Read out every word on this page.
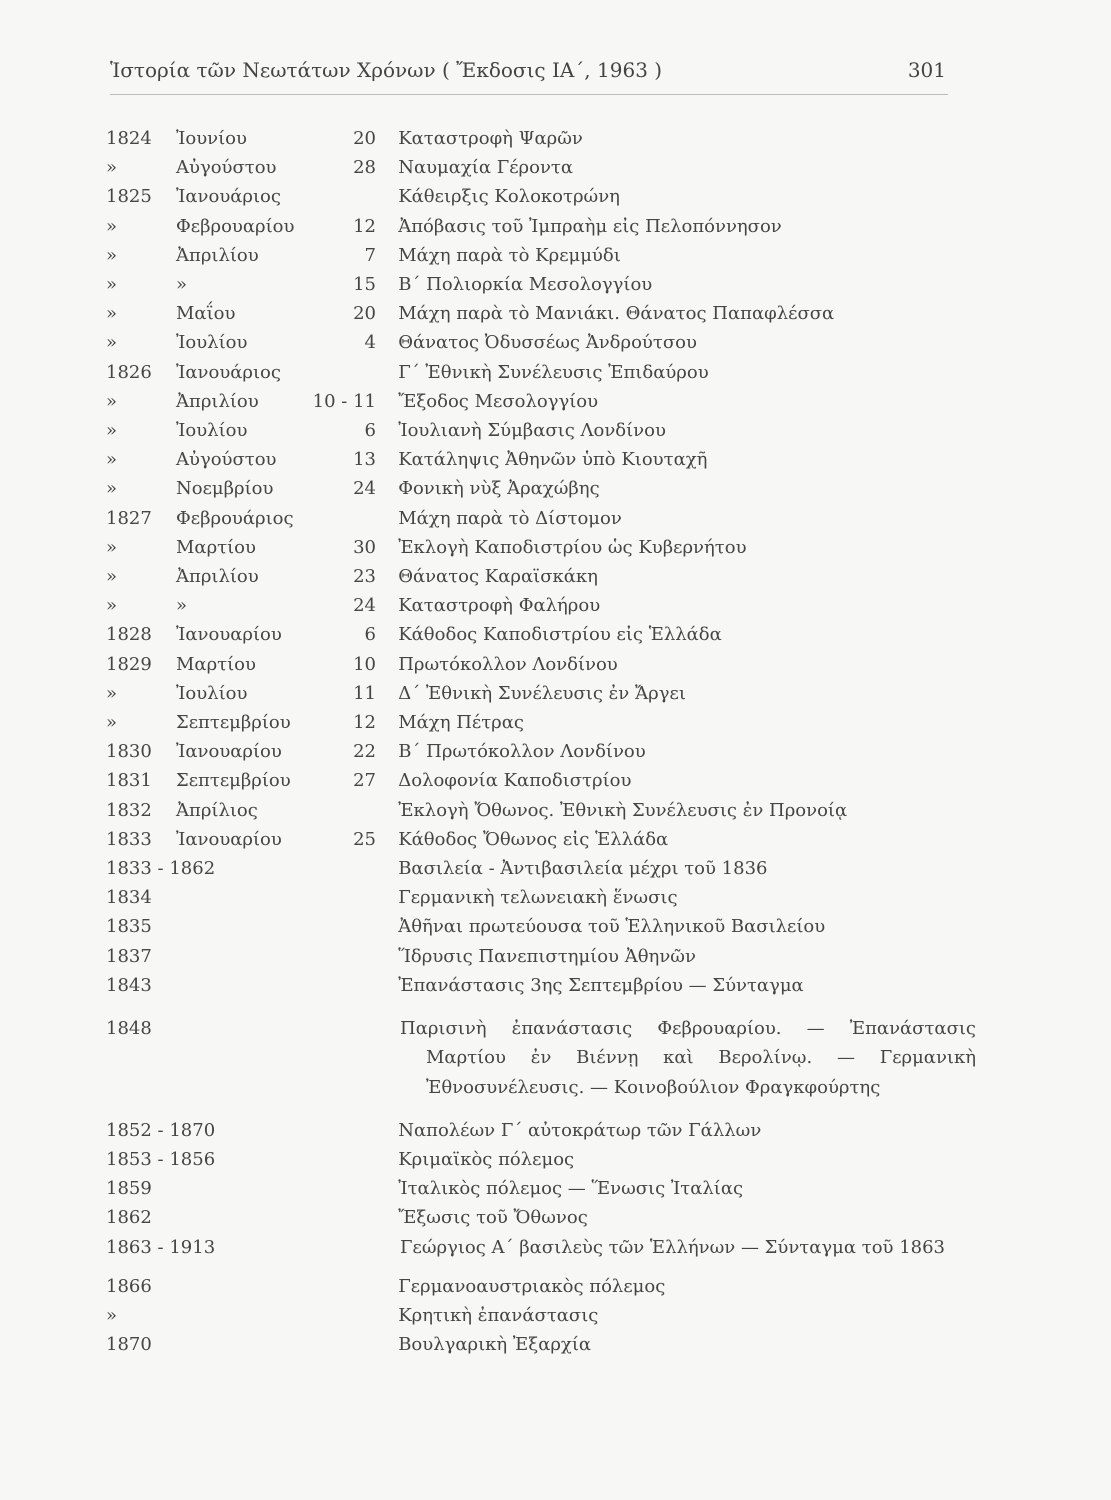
Ἱστορία τῶν Νεωτάτων Χρόνων ( Ἔκδοσις ΙΑ΄, 1963 )	301
1824 Ἰουνίου	20 Καταστροφὴ Ψαρῶν
»	Αὐγούστου	28 Ναυμαχία Γέροντα
1825 Ἰανουάριος	Κάθειρξις Κολοκοτρώνη
»	Φεβρουαρίου	12 Ἀπόβασις τοῦ Ἰμπραὴμ εἰς Πελοπόννησον
»	Ἀπριλίου	7 Μάχη παρὰ τὸ Κρεμμύδι
»	»	15 Β΄ Πολιορκία Μεσολογγίου
»	Μαΐου	20 Μάχη παρὰ τὸ Μανιάκι. Θάνατος Παπαφλέσσα
»	Ἰουλίου	4 Θάνατος Ὀδυσσέως Ἀνδρούτσου
1826 Ἰανουάριος	Γ΄ Ἐθνικὴ Συνέλευσις Ἐπιδαύρου
»	Ἀπριλίου	10 - 11 Ἔξοδος Μεσολογγίου
»	Ἰουλίου	6 Ἰουλιανὴ Σύμβασις Λονδίνου
»	Αὐγούστου	13 Κατάληψις Ἀθηνῶν ὑπὸ Κιουταχῆ
»	Νοεμβρίου	24 Φονικὴ νὺξ Ἀραχώβης
1827 Φεβρουάριος	Μάχη παρὰ τὸ Δίστομον
»	Μαρτίου	30 Ἐκλογὴ Καποδιστρίου ὡς Κυβερνήτου
»	Ἀπριλίου	23 Θάνατος Καραϊσκάκη
»	»	24 Καταστροφὴ Φαλήρου
1828 Ἰανουαρίου	6 Κάθοδος Καποδιστρίου εἰς Ἑλλάδα
1829 Μαρτίου	10 Πρωτόκολλον Λονδίνου
»	Ἰουλίου	11 Δ΄ Ἐθνικὴ Συνέλευσις ἐν Ἄργει
»	Σεπτεμβρίου	12 Μάχη Πέτρας
1830 Ἰανουαρίου	22 Β΄ Πρωτόκολλον Λονδίνου
1831 Σεπτεμβρίου	27 Δολοφονία Καποδιστρίου
1832 Ἀπρίλιος	Ἐκλογὴ Ὄθωνος. Ἐθνικὴ Συνέλευσις ἐν Προνοίᾳ
1833 Ἰανουαρίου	25 Κάθοδος Ὄθωνος εἰς Ἑλλάδα
1833 - 1862	Βασιλεία - Ἀντιβασιλεία μέχρι τοῦ 1836
1834	Γερμανικὴ τελωνειακὴ ἕνωσις
1835	Ἀθῆναι πρωτεύουσα τοῦ Ἑλληνικοῦ Βασιλείου
1837	Ἵδρυσις Πανεπιστημίου Ἀθηνῶν
1843	Ἐπανάστασις 3ης Σεπτεμβρίου — Σύνταγμα
1848	Παρισινὴ ἐπανάστασις Φεβρουαρίου. — Ἐπανάστασις Μαρτίου ἐν Βιέννῃ καὶ Βερολίνῳ. — Γερμανικὴ Ἐθνοσυνέλευσις. — Κοινοβούλιον Φραγκφούρτης
1852 - 1870	Ναπολέων Γ΄ αὐτοκράτωρ τῶν Γάλλων
1853 - 1856	Κριμαϊκὸς πόλεμος
1859	Ἰταλικὸς πόλεμος — Ἕνωσις Ἰταλίας
1862	Ἔξωσις τοῦ Ὄθωνος
1863 - 1913	Γεώργιος Α΄ βασιλεὺς τῶν Ἑλλήνων — Σύνταγμα τοῦ 1863
1866	Γερμανοαυστριακὸς πόλεμος
»	Κρητικὴ ἐπανάστασις
1870	Βουλγαρικὴ Ἐξαρχία
